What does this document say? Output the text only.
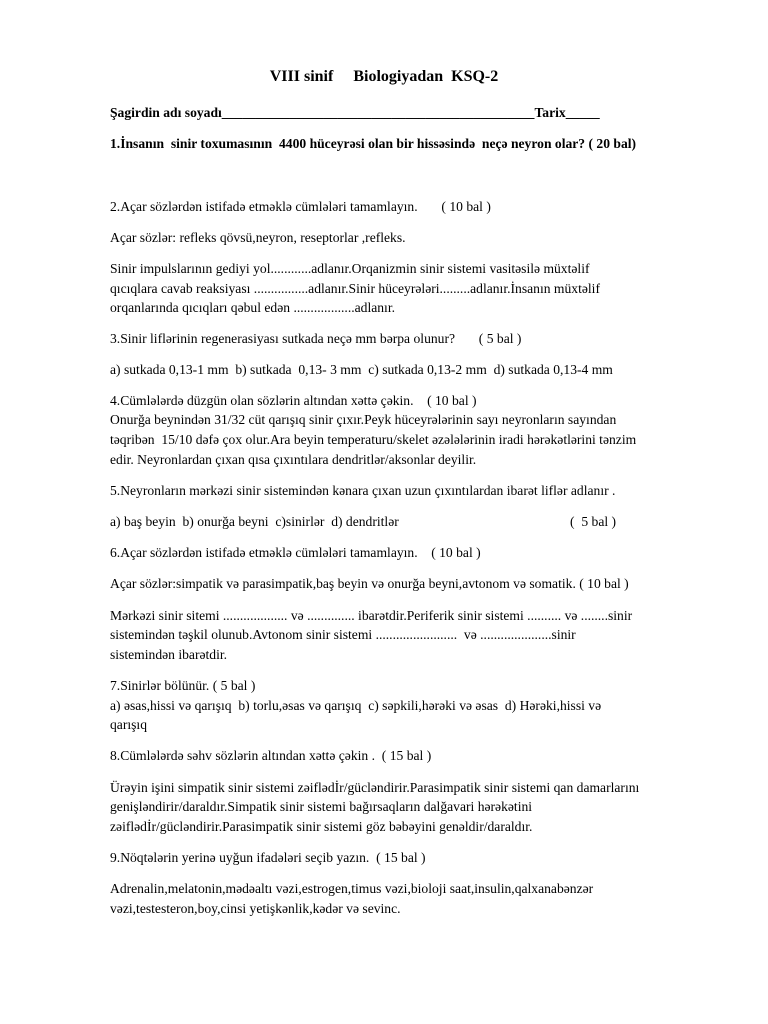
VIII sinif     Biologiyadan  KSQ-2

Şagirdin adı soyadı______________________________________________Tarix_____

1.İnsanın  sinir toxumasının  4400 hüceyrəsi olan bir hissəsində  neçə neyron olar? ( 20 bal)

2.Açar sözlərdən istifadə etməklə cümlələri tamamlayın.       ( 10 bal )

Açar sözlər: refleks qövsü,neyron, reseptorlar ,refleks.

Sinir impulslarının gediyi yol............adlanır.Orqanizmin sinir sistemi vasitəsilə müxtəlif

qıcıqlara cavab reaksiyası ................adlanır.Sinir hüceyrələri.........adlanır.İnsanın müxtəlif

orqanlarında qıcıqları qəbul edən ..................adlanır.

3.Sinir liflərinin regenerasiyası sutkada neçə mm bərpa olunur?       ( 5 bal )

a) sutkada 0,13-1 mm  b) sutkada  0,13- 3 mm  c) sutkada 0,13-2 mm  d) sutkada 0,13-4 mm

4.Cümlələrdə düzgün olan sözlərin altından xəttə çəkin.    ( 10 bal )

Onurğa beynindən 31/32 cüt qarışıq sinir çıxır.Peyk hüceyrələrinin sayı neyronların sayından

təqribən  15/10 dəfə çox olur.Ara beyin temperaturu/skelet əzələlərinin iradi hərəkətlərini tənzim

edir. Neyronlardan çıxan qısa çıxıntılara dendritlər/aksonlar deyilir.

5.Neyronların mərkəzi sinir sistemindən kənara çıxan uzun çıxıntılardan ibarət liflər adlanır .

a) baş beyin  b) onurğa beyni  c)sinirlər  d) dendritlər	(  5 bal )

6.Açar sözlərdən istifadə etməklə cümlələri tamamlayın.    ( 10 bal )

Açar sözlər:simpatik və parasimpatik,baş beyin və onurğa beyni,avtonom və somatik. ( 10 bal )

Mərkəzi sinir sitemi ................... və .............. ibarətdir.Periferik sinir sistemi .......... və ........sinir

sistemindən təşkil olunub.Avtonom sinir sistemi ........................  və .....................sinir

sistemindən ibarətdir.

7.Sinirlər bölünür. ( 5 bal )

a) əsas,hissi və qarışıq  b) torlu,əsas və qarışıq  c) səpkili,hərəki və əsas  d) Hərəki,hissi və

qarışıq

8.Cümlələrdə səhv sözlərin altından xəttə çəkin .  ( 15 bal )

Ürəyin işini simpatik sinir sistemi zəiflədİr/gücləndirir.Parasimpatik sinir sistemi qan damarlarını

genişləndirir/daraldır.Simpatik sinir sistemi bağırsaqların dalğavari hərəkətini

zəiflədİr/gücləndirir.Parasimpatik sinir sistemi göz bəbəyini genəldir/daraldır.

9.Nöqtələrin yerinə uyğun ifadələri seçib yazın.  ( 15 bal )

Adrenalin,melatonin,mədəaltı vəzi,estrogen,timus vəzi,bioloji saat,insulin,qalxanabənzər

vəzi,testesteron,boy,cinsi yetişkənlik,kədər və sevinc.
